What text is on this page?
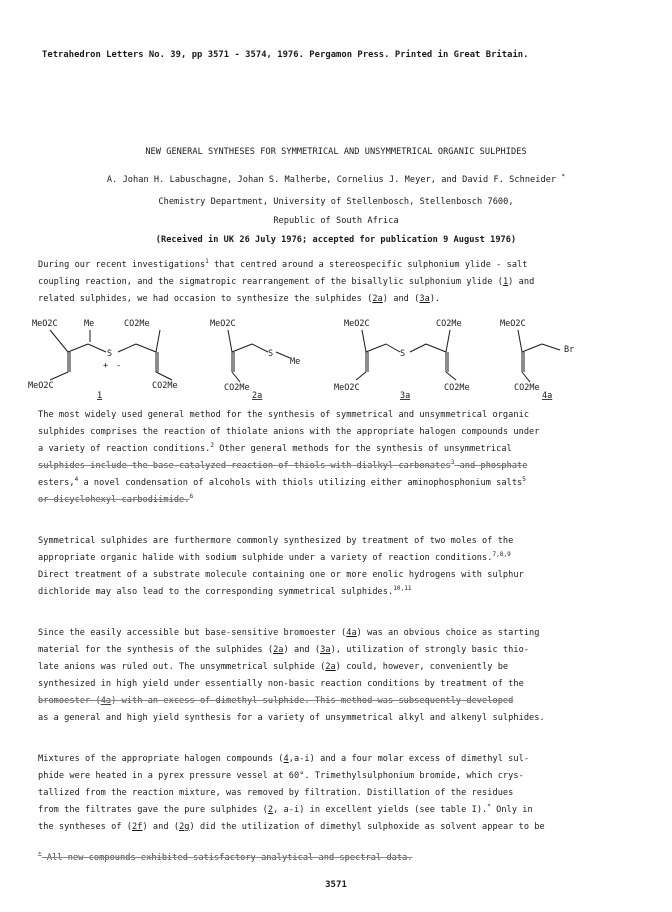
Tetrahedron Letters No. 39, pp 3571 - 3574, 1976. Pergamon Press. Printed in Great Britain.
NEW GENERAL SYNTHESES FOR SYMMETRICAL AND UNSYMMETRICAL ORGANIC SULPHIDES
A. Johan H. Labuschagne, Johan S. Malherbe, Cornelius J. Meyer, and David F. Schneider *
Chemistry Department, University of Stellenbosch, Stellenbosch 7600,
Republic of South Africa
(Received in UK 26 July 1976; accepted for publication 9 August 1976)
During our recent investigations$^1$ that centred around a stereospecific sulphonium ylide - salt
coupling reaction, and the sigmatropic rearrangement of the bisallylic sulphonium ylide (1) and
related sulphides, we had occasion to synthesize the sulphides (2a) and (3a).
MeO2C	Me	CO2Me
S
+ -
MeO2C	CO2Me
1
MeO2C
S
Me
CO2Me
2a
MeO2C	CO2Me
S
MeO2C	CO2Me
3a
MeO2C
Br
CO2Me
4a
The most widely used general method for the synthesis of symmetrical and unsymmetrical organic
sulphides comprises the reaction of thiolate anions with the appropriate halogen compounds under
a variety of reaction conditions.$^2$ Other general methods for the synthesis of unsymmetrical
sulphides include the base-catalyzed reaction of thiols with dialkyl carbonates$^3$ and phosphate
esters,$^4$ a novel condensation of alcohols with thiols utilizing either aminophosphonium salts$^5$
or dicyclohexyl carbodiimide.$^6$
Symmetrical sulphides are furthermore commonly synthesized by treatment of two moles of the
appropriate organic halide with sodium sulphide under a variety of reaction conditions.$^{7,8,9}$
Direct treatment of a substrate molecule containing one or more enolic hydrogens with sulphur
dichloride may also lead to the corresponding symmetrical sulphides.$^{10,11}$
Since the easily accessible but base-sensitive bromoester (4a) was an obvious choice as starting
material for the synthesis of the sulphides (2a) and (3a), utilization of strongly basic thio-
late anions was ruled out. The unsymmetrical sulphide (2a) could, however, conveniently be
synthesized in high yield under essentially non-basic reaction conditions by treatment of the
bromoester (4a) with an excess of dimethyl sulphide. This method was subsequently developed
as a general and high yield synthesis for a variety of unsymmetrical alkyl and alkenyl sulphides.
Mixtures of the appropriate halogen compounds (4,a-i) and a four molar excess of dimethyl sul-
phide were heated in a pyrex pressure vessel at 60°. Trimethylsulphonium bromide, which crys-
tallized from the reaction mixture, was removed by filtration. Distillation of the residues
from the filtrates gave the pure sulphides (2, a-i) in excellent yields (see table I).* Only in
the syntheses of (2f) and (2g) did the utilization of dimethyl sulphoxide as solvent appear to be
* All new compounds exhibited satisfactory analytical and spectral data.
3571
